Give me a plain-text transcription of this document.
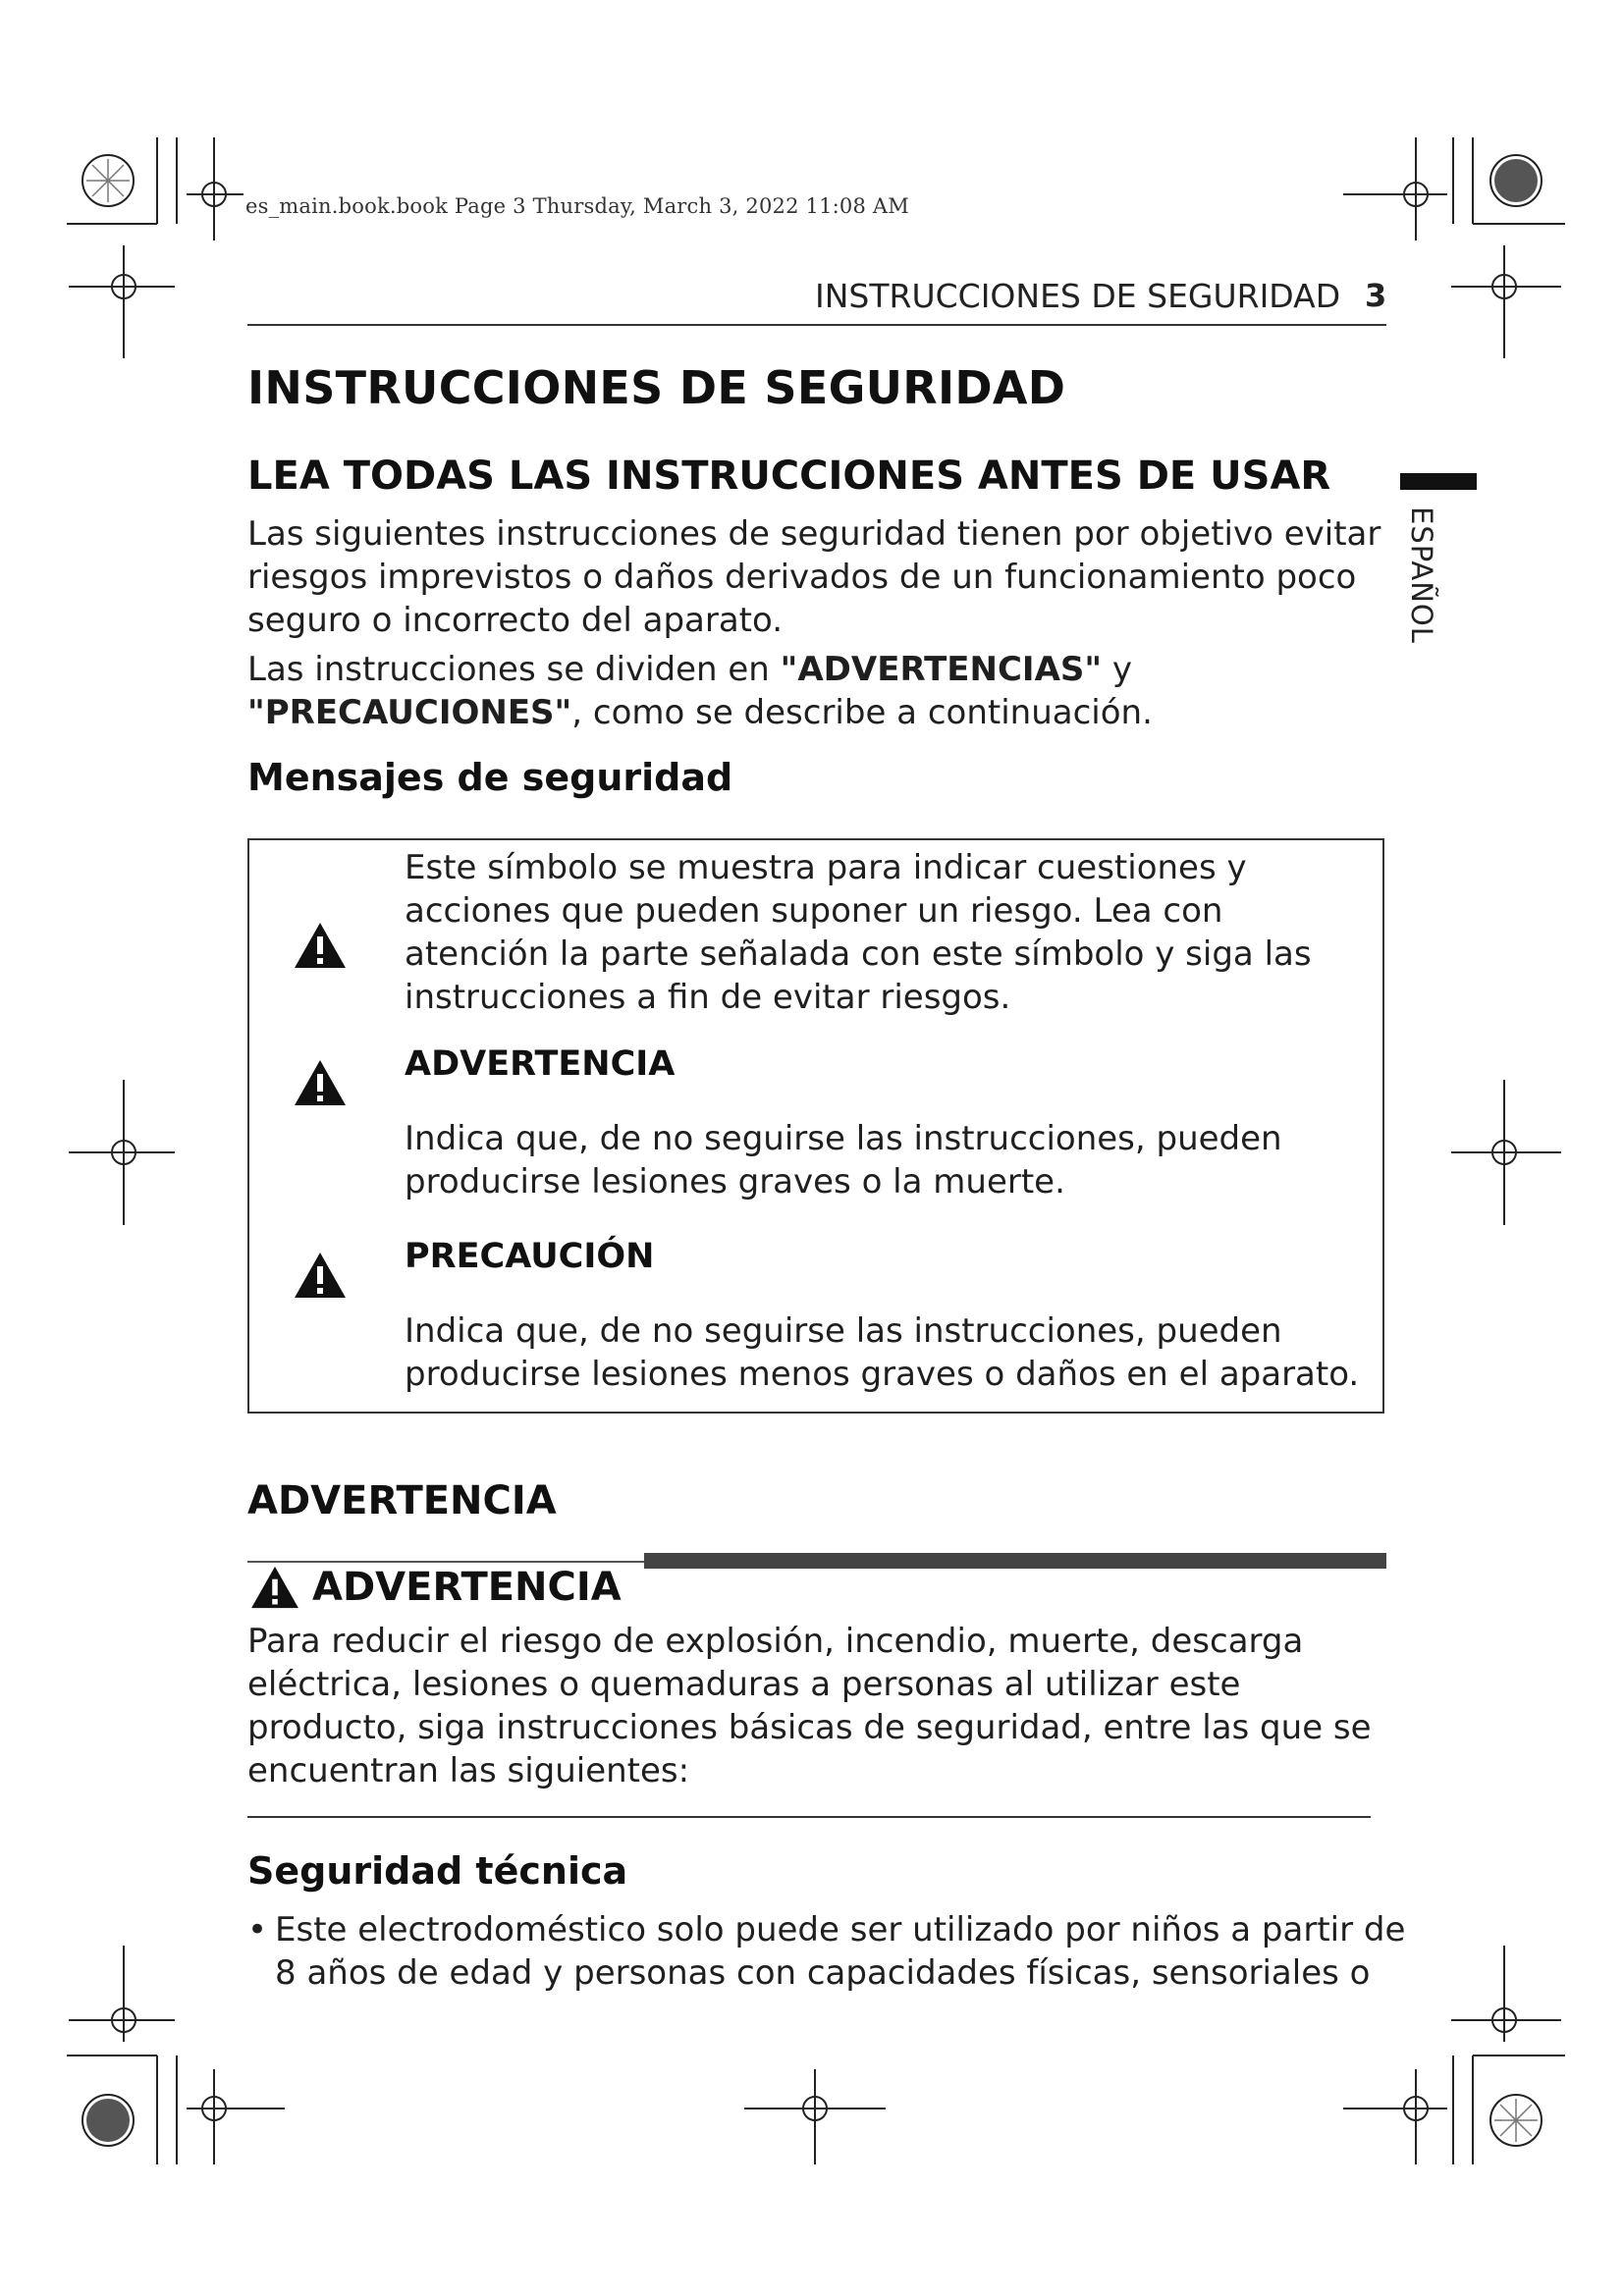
es_main.book.book Page 3 Thursday, March 3, 2022 11:08 AM
INSTRUCCIONES DE SEGURIDAD 3
ESPAÑOL
INSTRUCCIONES DE SEGURIDAD
LEA TODAS LAS INSTRUCCIONES ANTES DE USAR
Las siguientes instrucciones de seguridad tienen por objetivo evitar riesgos imprevistos o daños derivados de un funcionamiento poco seguro o incorrecto del aparato.
Las instrucciones se dividen en "ADVERTENCIAS" y "PRECAUCIONES", como se describe a continuación.
Mensajes de seguridad
Este símbolo se muestra para indicar cuestiones y acciones que pueden suponer un riesgo. Lea con atención la parte señalada con este símbolo y siga las instrucciones a fin de evitar riesgos.
ADVERTENCIA
Indica que, de no seguirse las instrucciones, pueden producirse lesiones graves o la muerte.
PRECAUCIÓN
Indica que, de no seguirse las instrucciones, pueden producirse lesiones menos graves o daños en el aparato.
ADVERTENCIA
ADVERTENCIA
Para reducir el riesgo de explosión, incendio, muerte, descarga eléctrica, lesiones o quemaduras a personas al utilizar este producto, siga instrucciones básicas de seguridad, entre las que se encuentran las siguientes:
Seguridad técnica
• Este electrodoméstico solo puede ser utilizado por niños a partir de 8 años de edad y personas con capacidades físicas, sensoriales o
